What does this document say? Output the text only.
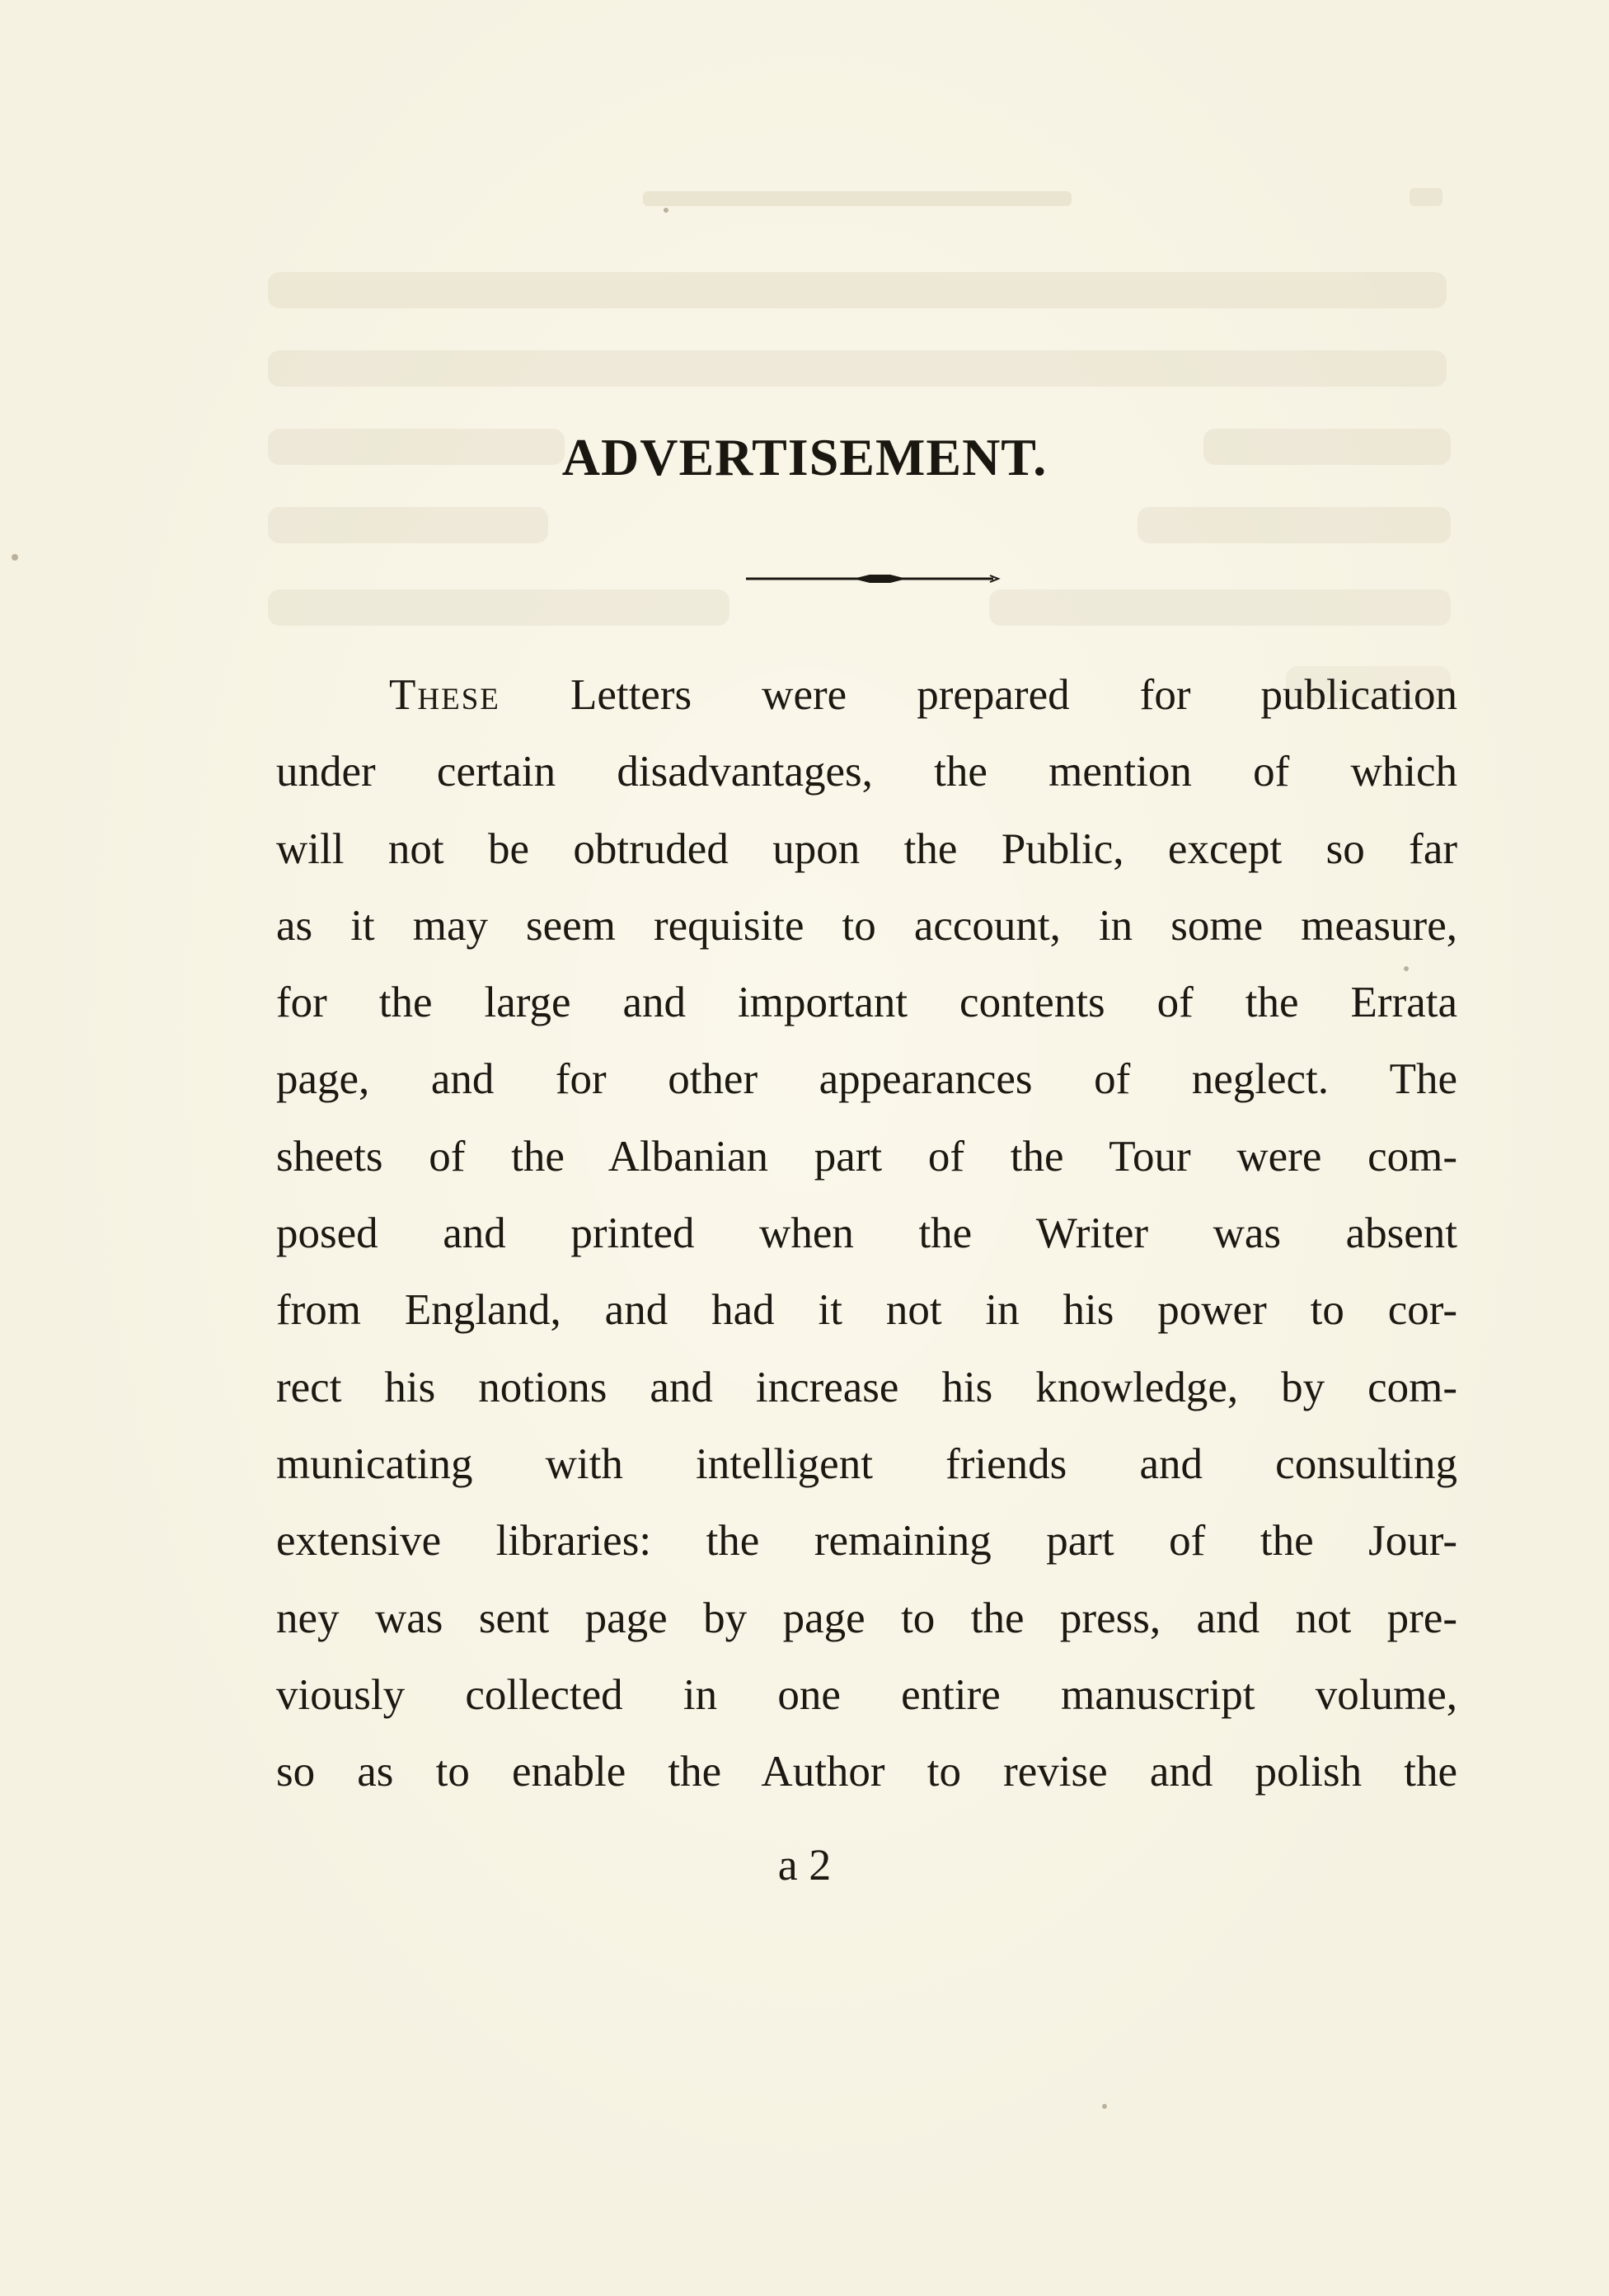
ADVERTISEMENT.
These Letters were prepared for publication
under certain disadvantages, the mention of which
will not be obtruded upon the Public, except so far
as it may seem requisite to account, in some measure,
for the large and important contents of the Errata
page, and for other appearances of neglect. The
sheets of the Albanian part of the Tour were com-
posed and printed when the Writer was absent
from England, and had it not in his power to cor-
rect his notions and increase his knowledge, by com-
municating with intelligent friends and consulting
extensive libraries: the remaining part of the Jour-
ney was sent page by page to the press, and not pre-
viously collected in one entire manuscript volume,
so as to enable the Author to revise and polish the
a 2
